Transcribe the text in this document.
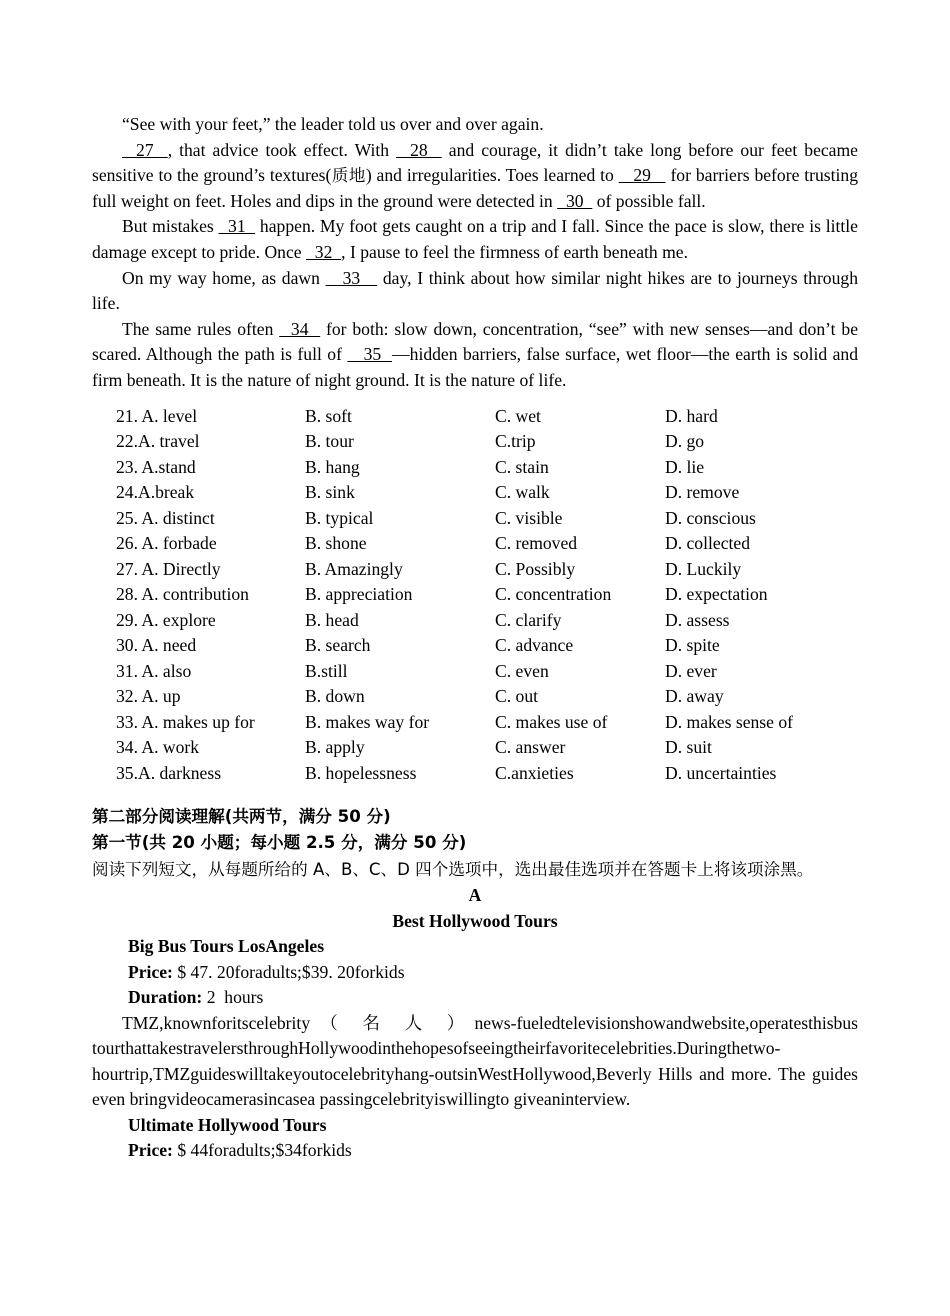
“See with your feet,” the leader told us over and over again.

27  , that advice took effect. With   28   and courage, it didn’t take long before our feet became sensitive to the ground’s textures(质地) and irregularities. Toes learned to    29    for barriers before trusting full weight on feet. Holes and dips in the ground were detected in   30   of possible fall.

But mistakes   31   happen. My foot gets caught on a trip and I fall. Since the pace is slow, there is little damage except to pride. Once   32  , I pause to feel the firmness of earth beneath me.

On my way home, as dawn    33    day, I think about how similar night hikes are to journeys through life.

The same rules often   34   for both: slow down, concentration, “see” with new senses—and don’t be scared. Although the path is full of    35  —hidden barriers, false surface, wet floor—the earth is solid and firm beneath. It is the nature of night ground. It is the nature of life.

21. A. level	B. soft	C. wet	D. hard
22.A. travel	B. tour	C.trip	D. go
23. A.stand	B. hang	C. stain	D. lie
24.A.break	B. sink	C. walk	D. remove
25. A. distinct	B. typical	C. visible	D. conscious
26. A. forbade	B. shone	C. removed	D. collected
27. A. Directly	B. Amazingly	C. Possibly	D. Luckily
28. A. contribution	B. appreciation	C. concentration	D. expectation
29. A. explore	B. head	C. clarify	D. assess
30. A. need	B. search	C. advance	D. spite
31. A. also	B.still	C. even	D. ever
32. A. up	B. down	C. out	D. away
33. A. makes up for	B. makes way for	C. makes use of	D. makes sense of
34. A. work	B. apply	C. answer	D. suit
35.A. darkness	B. hopelessness	C.anxieties	D. uncertainties

第二部分阅读理解(共两节，满分 50 分)

第一节(共 20 小题；每小题 2.5 分，满分 50 分)

阅读下列短文，从每题所给的 A、B、C、D 四个选项中，选出最佳选项并在答题卡上将该项涂黑。

A

Best Hollywood Tours

Big Bus Tours LosAngeles

Price: $ 47. 20foradults;$39. 20forkids

Duration: 2  hours

TMZ,knownforitscelebrity（ 名 人 ）news-fueledtelevisionshowandwebsite,operatesthisbus tourthattakestravelersthroughHollywoodinthehopesofseeingtheirfavoritecelebrities.Duringthetwo-hourtrip,TMZguideswilltakeyoutocelebrityhang-outsinWestHollywood,Beverly Hills and more. The guides even bringvideocamerasincasea passingcelebrityiswillingto giveaninterview.

Ultimate Hollywood Tours

Price: $ 44foradults;$34forkids
